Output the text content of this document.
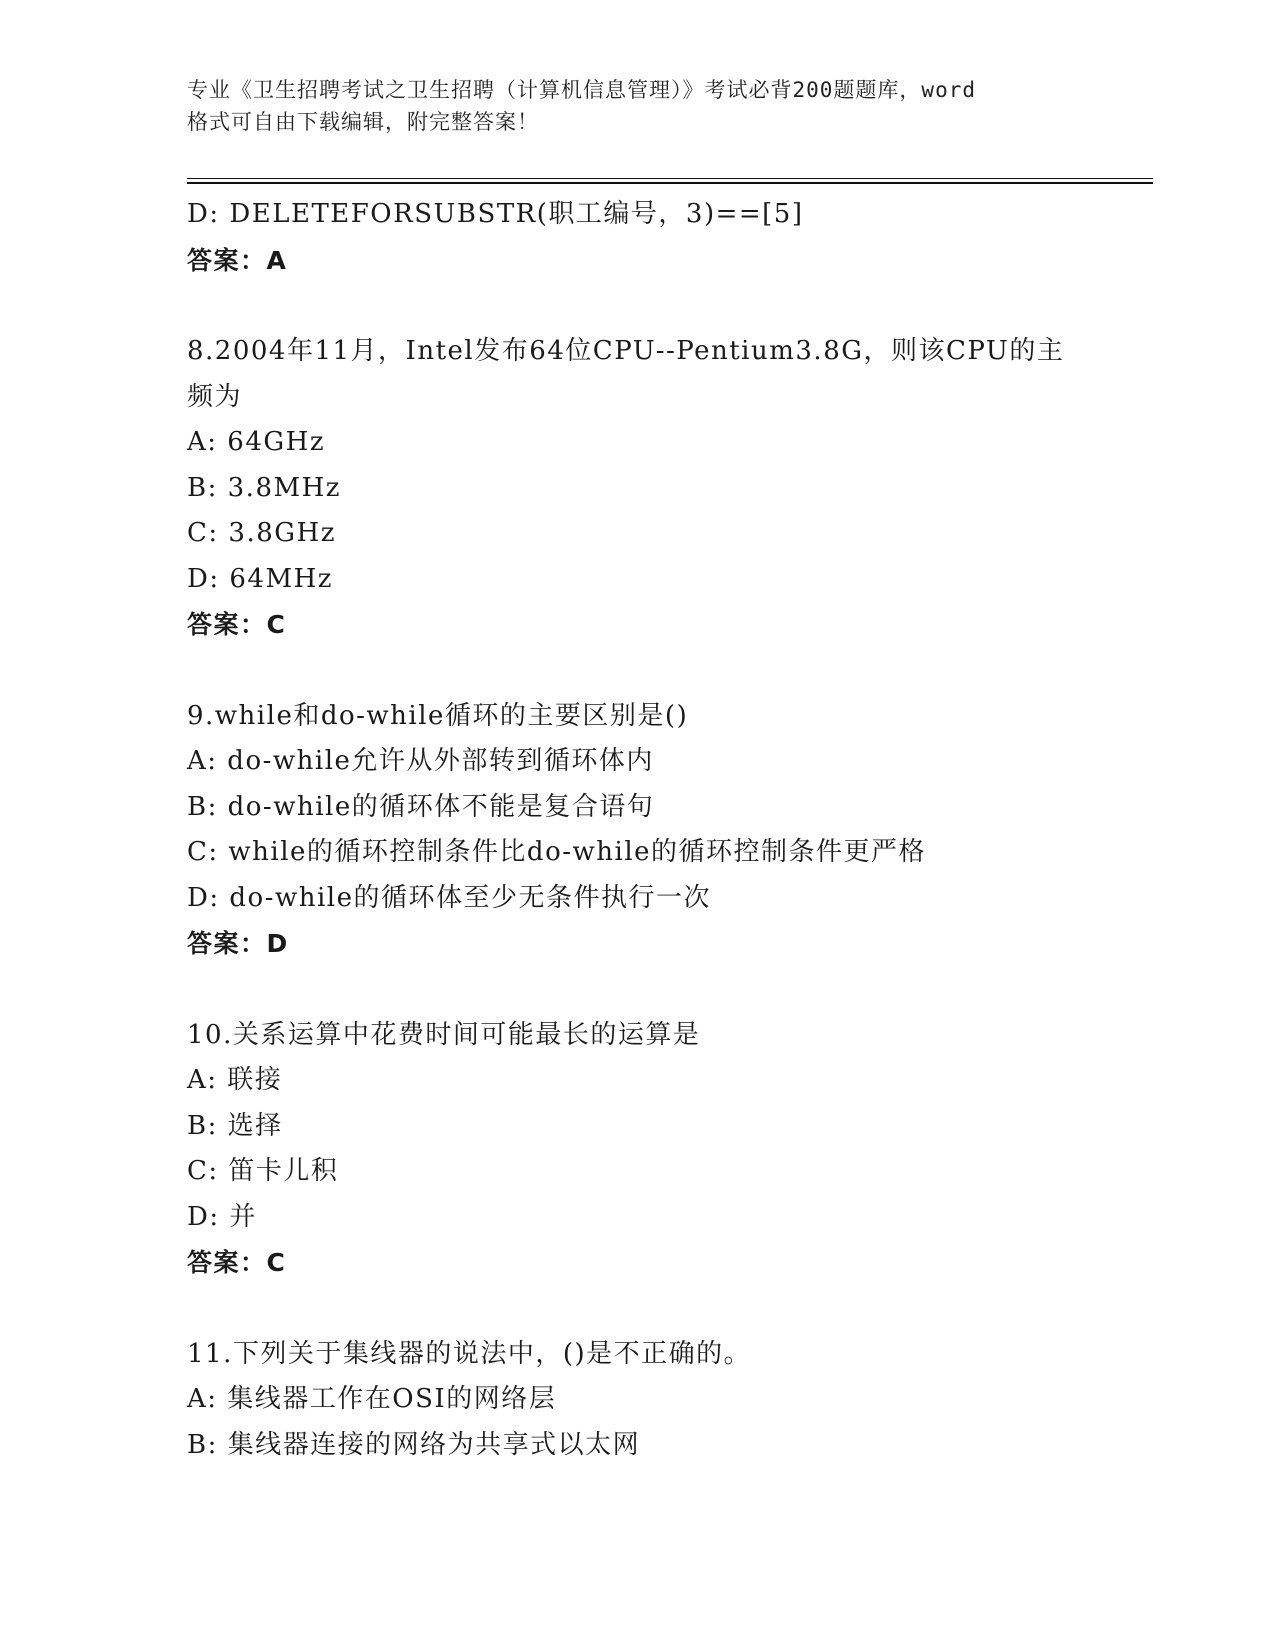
专业《卫生招聘考试之卫生招聘（计算机信息管理）》考试必背200题题库，word
格式可自由下载编辑，附完整答案！
D: DELETEFORSUBSTR(职工编号，3)==[5]
答案：A
8.2004年11月，Intel发布64位CPU--Pentium3.8G，则该CPU的主
频为
A: 64GHz
B: 3.8MHz
C: 3.8GHz
D: 64MHz
答案：C
9.while和do-while循环的主要区别是()
A: do-while允许从外部转到循环体内
B: do-while的循环体不能是复合语句
C: while的循环控制条件比do-while的循环控制条件更严格
D: do-while的循环体至少无条件执行一次
答案：D
10.关系运算中花费时间可能最长的运算是
A: 联接
B: 选择
C: 笛卡儿积
D: 并
答案：C
11.下列关于集线器的说法中，()是不正确的。
A: 集线器工作在OSI的网络层
B: 集线器连接的网络为共享式以太网
